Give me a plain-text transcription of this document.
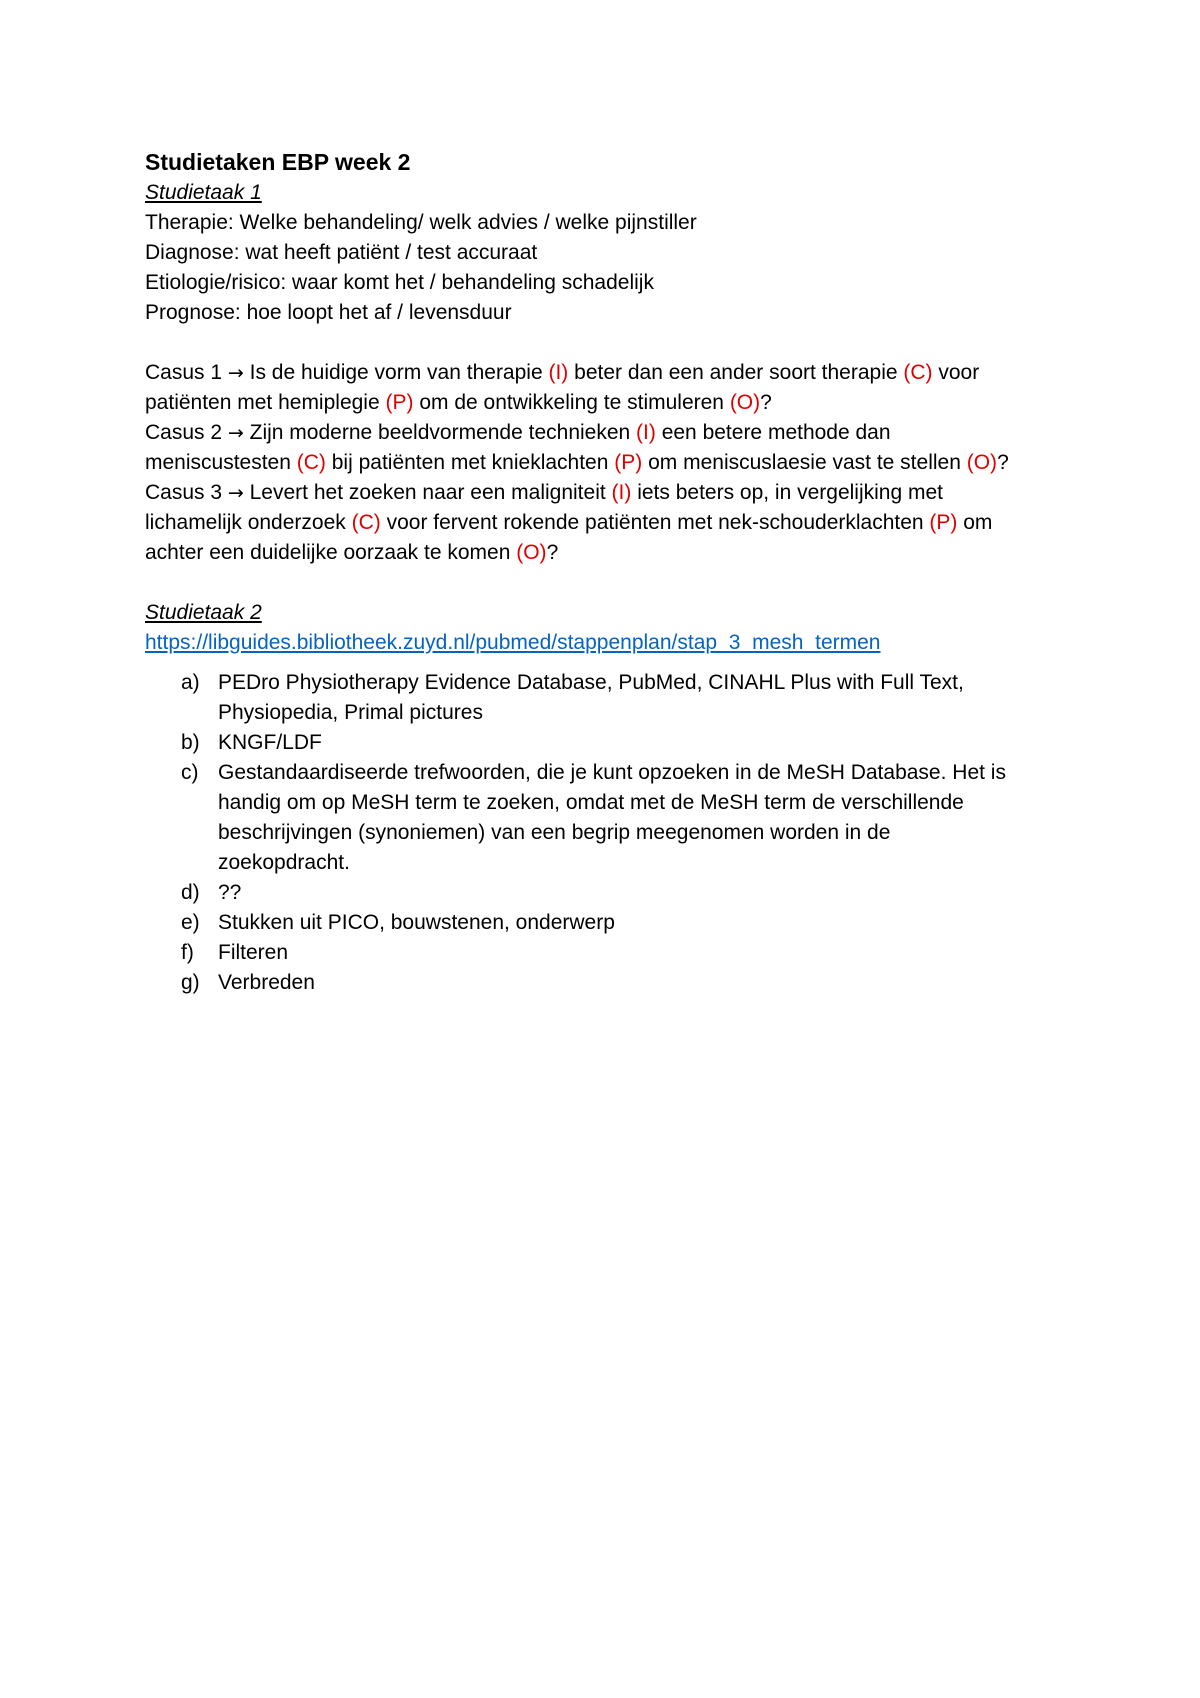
Studietaken EBP week 2
Studietaak 1
Therapie: Welke behandeling/ welk advies / welke pijnstiller
Diagnose: wat heeft patiënt / test accuraat
Etiologie/risico: waar komt het / behandeling schadelijk
Prognose: hoe loopt het af / levensduur
Casus 1 → Is de huidige vorm van therapie (I) beter dan een ander soort therapie (C) voor
patiënten met hemiplegie (P) om de ontwikkeling te stimuleren (O)?
Casus 2 → Zijn moderne beeldvormende technieken (I) een betere methode dan
meniscustesten (C) bij patiënten met knieklachten (P) om meniscuslaesie vast te stellen (O)?
Casus 3 → Levert het zoeken naar een maligniteit (I) iets beters op, in vergelijking met
lichamelijk onderzoek (C) voor fervent rokende patiënten met nek-schouderklachten (P) om
achter een duidelijke oorzaak te komen (O)?
Studietaak 2
https://libguides.bibliotheek.zuyd.nl/pubmed/stappenplan/stap_3_mesh_termen
a) PEDro Physiotherapy Evidence Database, PubMed, CINAHL Plus with Full Text,
Physiopedia, Primal pictures
b) KNGF/LDF
c) Gestandaardiseerde trefwoorden, die je kunt opzoeken in de MeSH Database. Het is
handig om op MeSH term te zoeken, omdat met de MeSH term de verschillende
beschrijvingen (synoniemen) van een begrip meegenomen worden in de
zoekopdracht.
d) ??
e) Stukken uit PICO, bouwstenen, onderwerp
f) Filteren
g) Verbreden
